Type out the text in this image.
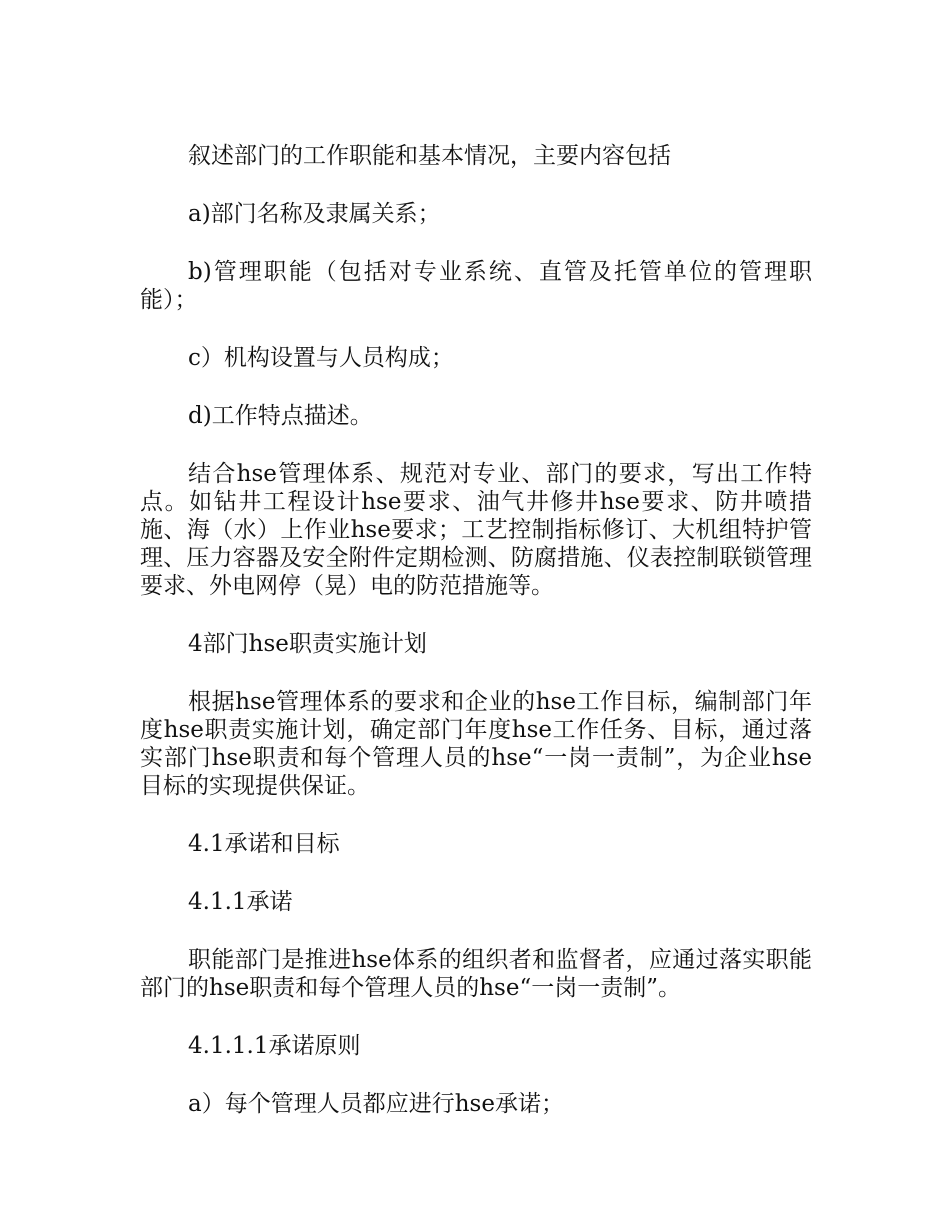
叙述部门的工作职能和基本情况，主要内容包括

a)部门名称及隶属关系；

b)管理职能（包括对专业系统、直管及托管单位的管理职能）；

c）机构设置与人员构成；

d)工作特点描述。

结合hse管理体系、规范对专业、部门的要求，写出工作特点。如钻井工程设计hse要求、油气井修井hse要求、防井喷措施、海（水）上作业hse要求；工艺控制指标修订、大机组特护管理、压力容器及安全附件定期检测、防腐措施、仪表控制联锁管理要求、外电网停（晃）电的防范措施等。

4部门hse职责实施计划

根据hse管理体系的要求和企业的hse工作目标，编制部门年度hse职责实施计划，确定部门年度hse工作任务、目标，通过落实部门hse职责和每个管理人员的hse“一岗一责制”，为企业hse目标的实现提供保证。

4.1承诺和目标

4.1.1承诺

职能部门是推进hse体系的组织者和监督者，应通过落实职能部门的hse职责和每个管理人员的hse“一岗一责制”。

4.1.1.1承诺原则

a）每个管理人员都应进行hse承诺；
